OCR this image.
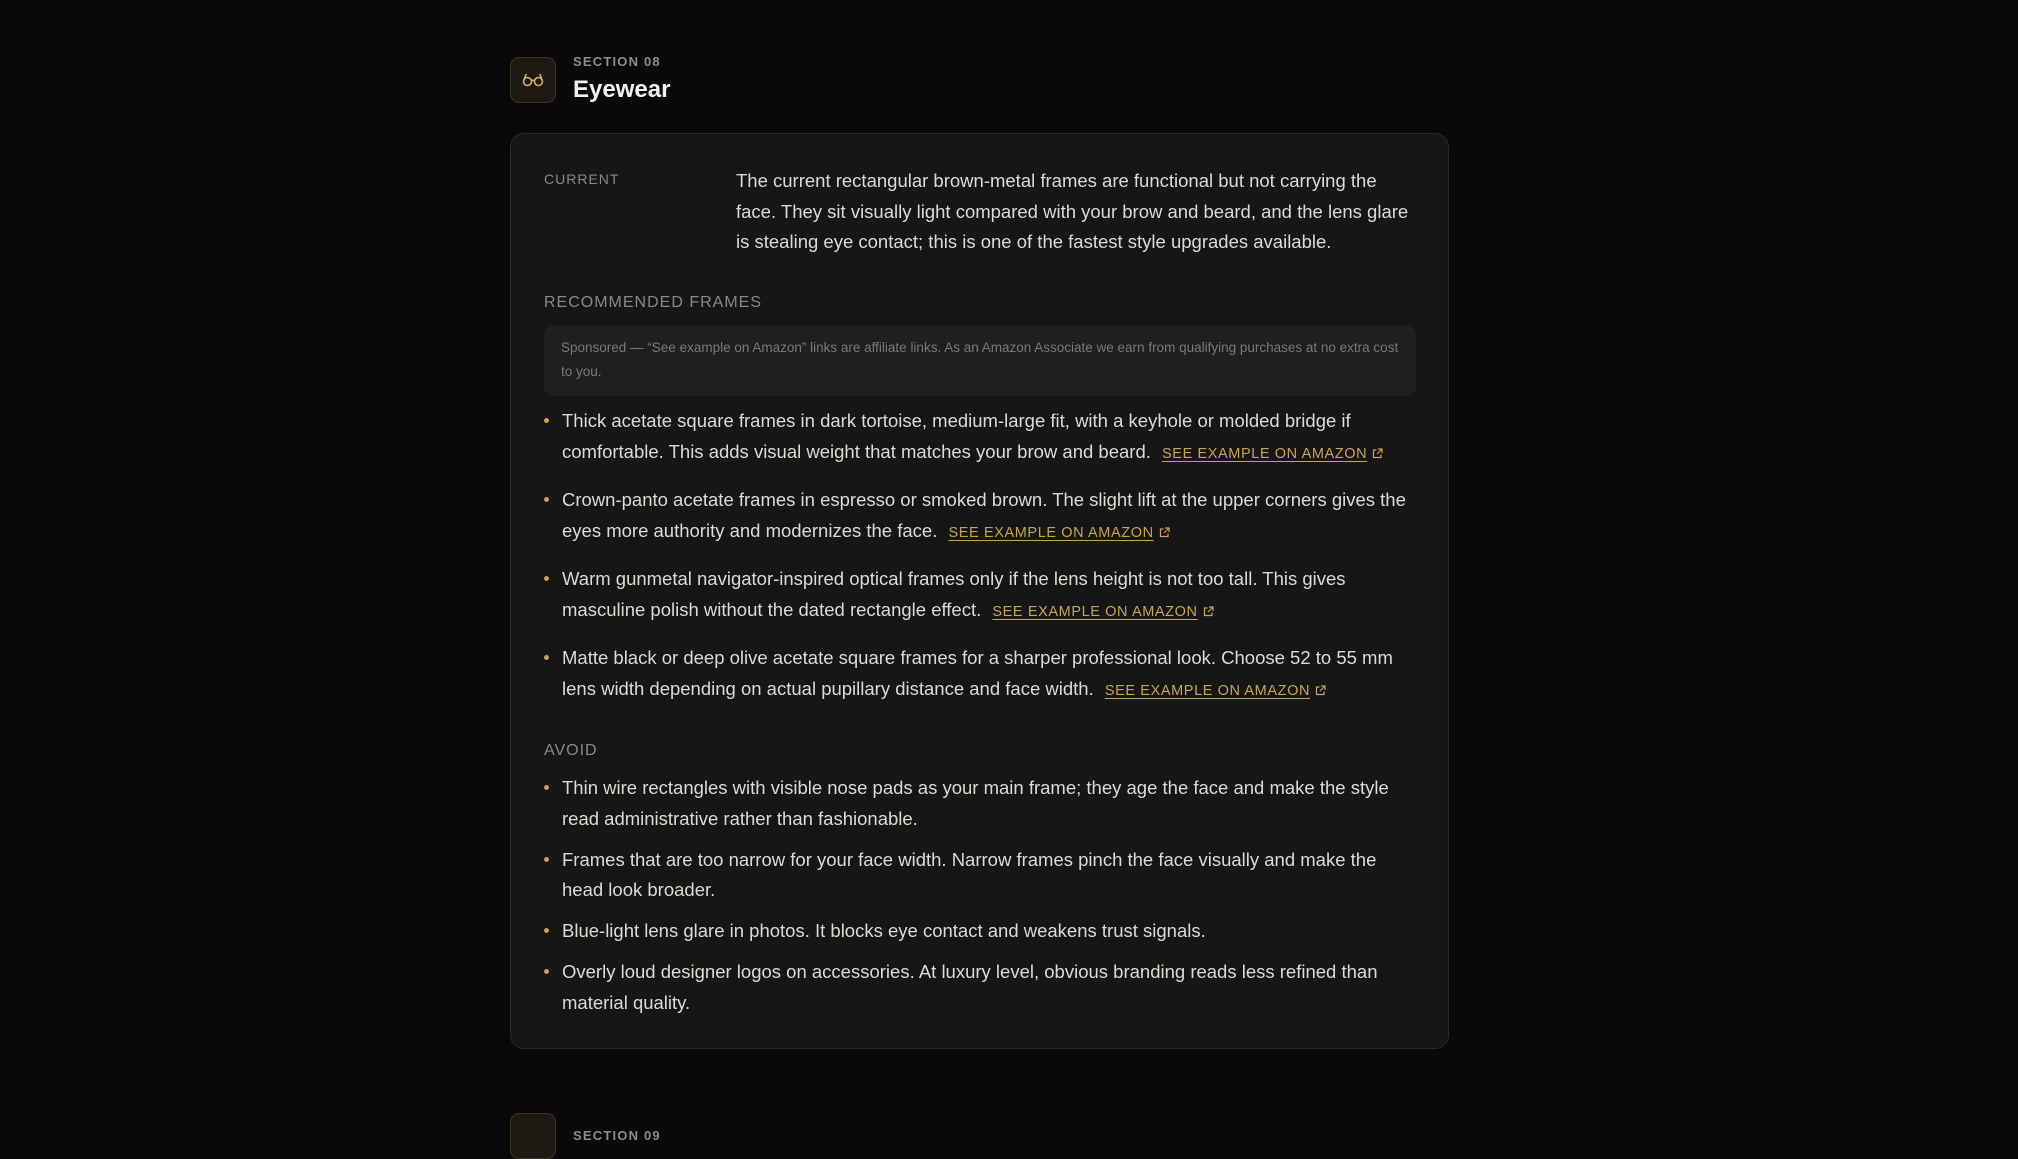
SECTION 08
Eyewear
CURRENT	The current rectangular brown-metal frames are functional but not carrying the face. They sit visually light compared with your brow and beard, and the lens glare is stealing eye contact; this is one of the fastest style upgrades available.
RECOMMENDED FRAMES
Sponsored — “See example on Amazon” links are affiliate links. As an Amazon Associate we earn from qualifying purchases at no extra cost to you.
Thick acetate square frames in dark tortoise, medium-large fit, with a keyhole or molded bridge if comfortable. This adds visual weight that matches your brow and beard. SEE EXAMPLE ON AMAZON
Crown-panto acetate frames in espresso or smoked brown. The slight lift at the upper corners gives the eyes more authority and modernizes the face. SEE EXAMPLE ON AMAZON
Warm gunmetal navigator-inspired optical frames only if the lens height is not too tall. This gives masculine polish without the dated rectangle effect. SEE EXAMPLE ON AMAZON
Matte black or deep olive acetate square frames for a sharper professional look. Choose 52 to 55 mm lens width depending on actual pupillary distance and face width. SEE EXAMPLE ON AMAZON
AVOID
Thin wire rectangles with visible nose pads as your main frame; they age the face and make the style read administrative rather than fashionable.
Frames that are too narrow for your face width. Narrow frames pinch the face visually and make the head look broader.
Blue-light lens glare in photos. It blocks eye contact and weakens trust signals.
Overly loud designer logos on accessories. At luxury level, obvious branding reads less refined than material quality.
SECTION 09
